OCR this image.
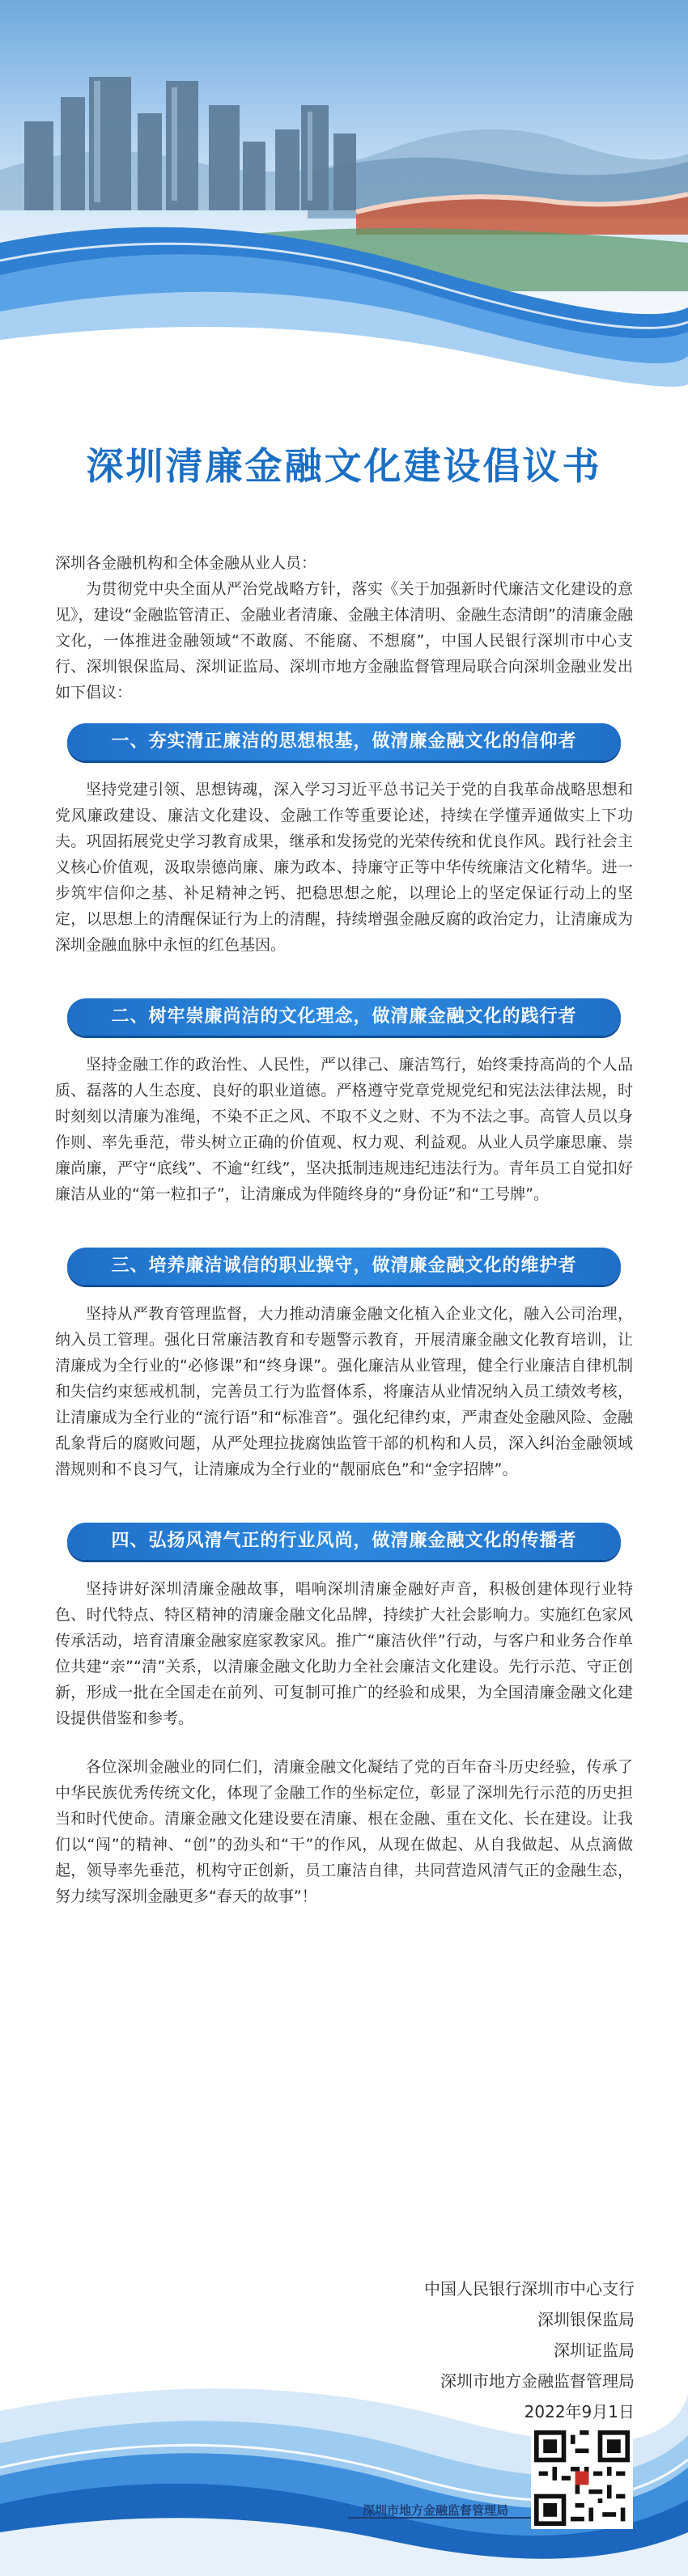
深圳清廉金融文化建设倡议书

深圳各金融机构和全体金融从业人员：

为贯彻党中央全面从严治党战略方针，落实《关于加强新时代廉洁文化建设的意见》，建设“金融监管清正、金融业者清廉、金融主体清明、金融生态清朗”的清廉金融文化，一体推进金融领域“不敢腐、不能腐、不想腐”，中国人民银行深圳市中心支行、深圳银保监局、深圳证监局、深圳市地方金融监督管理局联合向深圳金融业发出如下倡议：

一、夯实清正廉洁的思想根基，做清廉金融文化的信仰者

坚持党建引领、思想铸魂，深入学习习近平总书记关于党的自我革命战略思想和党风廉政建设、廉洁文化建设、金融工作等重要论述，持续在学懂弄通做实上下功夫。巩固拓展党史学习教育成果，继承和发扬党的光荣传统和优良作风。践行社会主义核心价值观，汲取崇德尚廉、廉为政本、持廉守正等中华传统廉洁文化精华。进一步筑牢信仰之基、补足精神之钙、把稳思想之舵，以理论上的坚定保证行动上的坚定，以思想上的清醒保证行为上的清醒，持续增强金融反腐的政治定力，让清廉成为深圳金融血脉中永恒的红色基因。

二、树牢崇廉尚洁的文化理念，做清廉金融文化的践行者

坚持金融工作的政治性、人民性，严以律己、廉洁笃行，始终秉持高尚的个人品质、磊落的人生态度、良好的职业道德。严格遵守党章党规党纪和宪法法律法规，时时刻刻以清廉为准绳，不染不正之风、不取不义之财、不为不法之事。高管人员以身作则、率先垂范，带头树立正确的价值观、权力观、利益观。从业人员学廉思廉、崇廉尚廉，严守“底线”、不逾“红线”，坚决抵制违规违纪违法行为。青年员工自觉扣好廉洁从业的“第一粒扣子”，让清廉成为伴随终身的“身份证”和“工号牌”。

三、培养廉洁诚信的职业操守，做清廉金融文化的维护者

坚持从严教育管理监督，大力推动清廉金融文化植入企业文化，融入公司治理，纳入员工管理。强化日常廉洁教育和专题警示教育，开展清廉金融文化教育培训，让清廉成为全行业的“必修课”和“终身课”。强化廉洁从业管理，健全行业廉洁自律机制和失信约束惩戒机制，完善员工行为监督体系，将廉洁从业情况纳入员工绩效考核，让清廉成为全行业的“流行语”和“标准音”。强化纪律约束，严肃查处金融风险、金融乱象背后的腐败问题，从严处理拉拢腐蚀监管干部的机构和人员，深入纠治金融领域潜规则和不良习气，让清廉成为全行业的“靓丽底色”和“金字招牌”。

四、弘扬风清气正的行业风尚，做清廉金融文化的传播者

坚持讲好深圳清廉金融故事，唱响深圳清廉金融好声音，积极创建体现行业特色、时代特点、特区精神的清廉金融文化品牌，持续扩大社会影响力。实施红色家风传承活动，培育清廉金融家庭家教家风。推广“廉洁伙伴”行动，与客户和业务合作单位共建“亲”“清”关系，以清廉金融文化助力全社会廉洁文化建设。先行示范、守正创新，形成一批在全国走在前列、可复制可推广的经验和成果，为全国清廉金融文化建设提供借鉴和参考。

各位深圳金融业的同仁们，清廉金融文化凝结了党的百年奋斗历史经验，传承了中华民族优秀传统文化，体现了金融工作的坐标定位，彰显了深圳先行示范的历史担当和时代使命。清廉金融文化建设要在清廉、根在金融、重在文化、长在建设。让我们以“闯”的精神、“创”的劲头和“干”的作风，从现在做起、从自我做起、从点滴做起，领导率先垂范，机构守正创新，员工廉洁自律，共同营造风清气正的金融生态，努力续写深圳金融更多“春天的故事”！

中国人民银行深圳市中心支行
深圳银保监局
深圳证监局
深圳市地方金融监督管理局
2022年9月1日
深圳市地方金融监督管理局
